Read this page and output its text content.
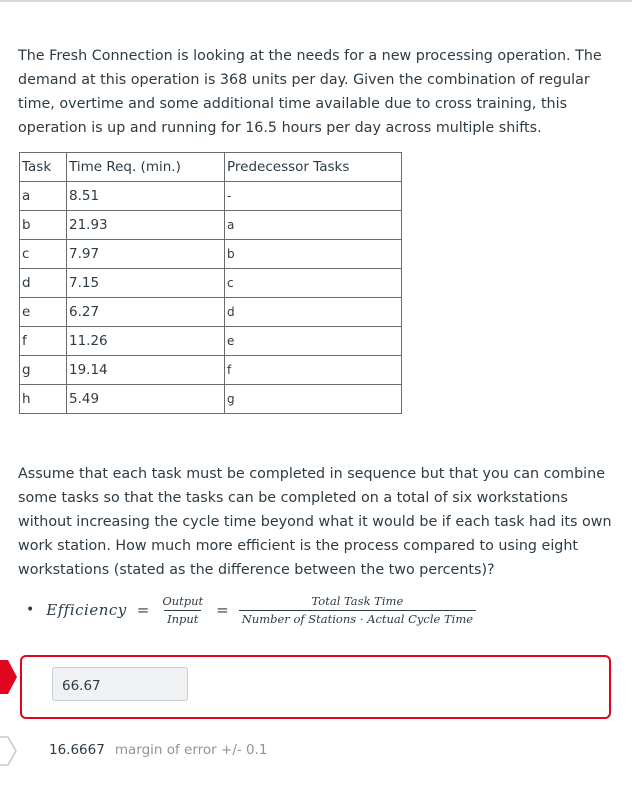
The Fresh Connection is looking at the needs for a new processing operation. The demand at this operation is 368 units per day. Given the combination of regular time, overtime and some additional time available due to cross training, this operation is up and running for 16.5 hours per day across multiple shifts.

Task	Time Req. (min.)	Predecessor Tasks
a	8.51	-
b	21.93	a
c	7.97	b
d	7.15	c
e	6.27	d
f	11.26	e
g	19.14	f
h	5.49	g

Assume that each task must be completed in sequence but that you can combine some tasks so that the tasks can be completed on a total of six workstations without increasing the cycle time beyond what it would be if each task had its own work station. How much more efficient is the process compared to using eight workstations (stated as the difference between the two percents)?

• Efficiency = $\frac{\text{Output}}{\text{Input}} = \frac{\text{Total Task Time}}{\text{Number of Stations · Actual Cycle Time}}$
66.67
16.6667 margin of error +/- 0.1
